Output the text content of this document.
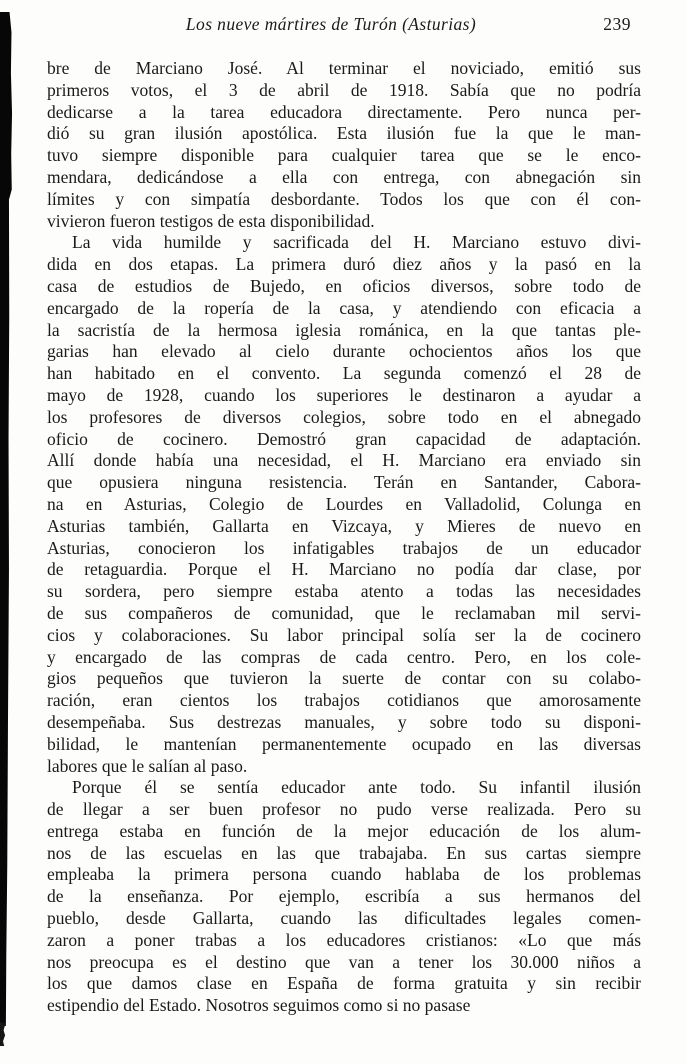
Los nueve mártires de Turón (Asturias)	239
bre de Marciano José. Al terminar el noviciado, emitió sus
primeros votos, el 3 de abril de 1918. Sabía que no podría
dedicarse a la tarea educadora directamente. Pero nunca per-
dió su gran ilusión apostólica. Esta ilusión fue la que le man-
tuvo siempre disponible para cualquier tarea que se le enco-
mendara, dedicándose a ella con entrega, con abnegación sin
límites y con simpatía desbordante. Todos los que con él con-
vivieron fueron testigos de esta disponibilidad.
La vida humilde y sacrificada del H. Marciano estuvo divi-
dida en dos etapas. La primera duró diez años y la pasó en la
casa de estudios de Bujedo, en oficios diversos, sobre todo de
encargado de la ropería de la casa, y atendiendo con eficacia a
la sacristía de la hermosa iglesia románica, en la que tantas ple-
garias han elevado al cielo durante ochocientos años los que
han habitado en el convento. La segunda comenzó el 28 de
mayo de 1928, cuando los superiores le destinaron a ayudar a
los profesores de diversos colegios, sobre todo en el abnegado
oficio de cocinero. Demostró gran capacidad de adaptación.
Allí donde había una necesidad, el H. Marciano era enviado sin
que opusiera ninguna resistencia. Terán en Santander, Cabora-
na en Asturias, Colegio de Lourdes en Valladolid, Colunga en
Asturias también, Gallarta en Vizcaya, y Mieres de nuevo en
Asturias, conocieron los infatigables trabajos de un educador
de retaguardia. Porque el H. Marciano no podía dar clase, por
su sordera, pero siempre estaba atento a todas las necesidades
de sus compañeros de comunidad, que le reclamaban mil servi-
cios y colaboraciones. Su labor principal solía ser la de cocinero
y encargado de las compras de cada centro. Pero, en los cole-
gios pequeños que tuvieron la suerte de contar con su colabo-
ración, eran cientos los trabajos cotidianos que amorosamente
desempeñaba. Sus destrezas manuales, y sobre todo su disponi-
bilidad, le mantenían permanentemente ocupado en las diversas
labores que le salían al paso.
Porque él se sentía educador ante todo. Su infantil ilusión
de llegar a ser buen profesor no pudo verse realizada. Pero su
entrega estaba en función de la mejor educación de los alum-
nos de las escuelas en las que trabajaba. En sus cartas siempre
empleaba la primera persona cuando hablaba de los problemas
de la enseñanza. Por ejemplo, escribía a sus hermanos del
pueblo, desde Gallarta, cuando las dificultades legales comen-
zaron a poner trabas a los educadores cristianos: «Lo que más
nos preocupa es el destino que van a tener los 30.000 niños a
los que damos clase en España de forma gratuita y sin recibir
estipendio del Estado. Nosotros seguimos como si no pasase
